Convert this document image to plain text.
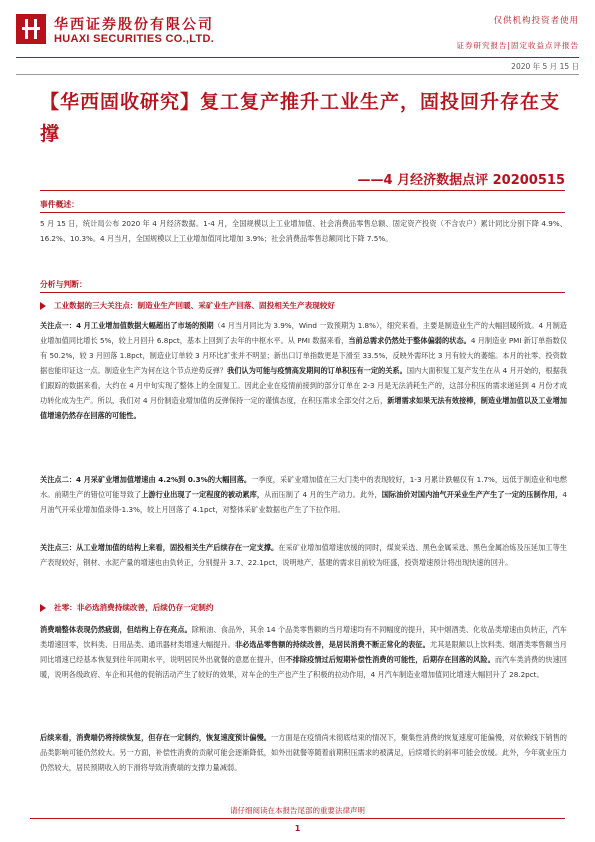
华西证券股份有限公司
HUAXI SECURITIES CO.,LTD.
仅供机构投资者使用
证券研究报告|固定收益点评报告
2020 年 5 月 15 日
【华西固收研究】复工复产推升工业生产，固投回升存在支撑
——4 月经济数据点评 20200515
事件概述：
5 月 15 日，统计局公布 2020 年 4 月经济数据。1-4 月，全国规模以上工业增加值、社会消费品零售总额、固定资产投资（不含农户）累计同比分别下降 4.9%、16.2%、10.3%。4 月当月，全国规模以上工业增加值同比增加 3.9%；社会消费品零售总额同比下降 7.5%。
分析与判断：
工业数据的三大关注点：制造业生产回暖、采矿业生产回落、固投相关生产表现较好
关注点一：4 月工业增加值数据大幅超出了市场的预期（4 月当月同比为 3.9%，Wind 一致预期为 1.8%），细究来看，主要是制造业生产的大幅回暖所致。4 月制造业增加值同比增长 5%，较上月回升 6.8pct，基本上回到了去年的中枢水平。从 PMI 数据来看，当前总需求仍然处于整体偏弱的状态。4 月制造业 PMI 新订单指数仅有 50.2%，较 3 月回落 1.8pct，制造业订单较 3 月环比扩张并不明显；新出口订单指数更是下滑至 33.5%，反映外需环比 3 月有较大的萎缩。本月的社零、投资数据也能印证这一点。制造业生产为何在这个节点逆势反弹？我们认为可能与疫情高发期间的订单积压有一定的关系。国内大面积复工复产发生在从 4 月开始的，根据我们跟踪的数据来看，大约在 4 月中旬实现了整体上的全面复工。因此企业在疫情前接到的部分订单在 2-3 月是无法消耗生产的，这部分积压的需求递延到 4 月份才成功转化成为生产。所以，我们对 4 月份制造业增加值的反弹保持一定的谨慎态度，在积压需求全部交付之后，新增需求如果无法有效接棒，制造业增加值以及工业增加值增速仍然存在回落的可能性。
关注点二：4 月采矿业增加值增速由 4.2%到 0.3%的大幅回落。一季度，采矿业增加值在三大门类中的表现较好，1-3 月累计跌幅仅有 1.7%，远低于制造业和电燃水。前期生产的错位可能导致了上游行业出现了一定程度的被动累库，从而压制了 4 月的生产动力。此外，国际油价对国内油气开采业生产产生了一定的压制作用，4 月油气开采业增加值录得-1.3%，较上月回落了 4.1pct，对整体采矿业数据也产生了下拉作用。
关注点三：从工业增加值的结构上来看，固投相关生产后续存在一定支撑。在采矿业增加值增速放缓的同时，煤炭采选、黑色金属采选、黑色金属冶炼及压延加工等生产表现较好，钢材、水泥产量的增速也由负转正，分别提升 3.7、22.1pct，说明地产、基建的需求目前较为旺盛，投资增速预计将出现快速的回升。
社零：非必选消费持续改善，后续仍存一定制约
消费端整体表现仍然疲弱，但结构上存在亮点。除粮油、食品外，其余 14 个品类零售额的当月增速均有不同幅度的提升，其中烟酒类、化妆品类增速由负转正，汽车类增速回零，饮料类、日用品类、通讯器材类增速大幅提升。非必选品零售额的持续改善，是居民消费不断正常化的表征。尤其是限额以上饮料类、烟酒类零售额当月同比增速已经基本恢复到往年同期水平，说明居民外出就餐的意愿在提升，但不排除疫情过后短期补偿性消费的可能性，后期存在回落的风险。而汽车类消费的快速回暖，说明各级政府、车企和其他的促销活动产生了较好的效果，对车企的生产也产生了积极的拉动作用，4 月汽车制造业增加值同比增速大幅回升了 28.2pct。
后续来看，消费端仍将持续恢复，但存在一定制约，恢复速度预计偏慢。一方面是在疫情尚未彻底结束的情况下，聚集性消费的恢复速度可能偏慢，对依赖线下销售的品类影响可能仍然较大。另一方面，补偿性消费的贡献可能会逐渐降低，如外出就餐等随着前期积压需求的被满足，后续增长的斜率可能会放缓。此外，今年就业压力仍然较大，居民预期收入的下滑将导致消费端的支撑力量减弱。
请仔细阅读在本报告尾部的重要法律声明
1
